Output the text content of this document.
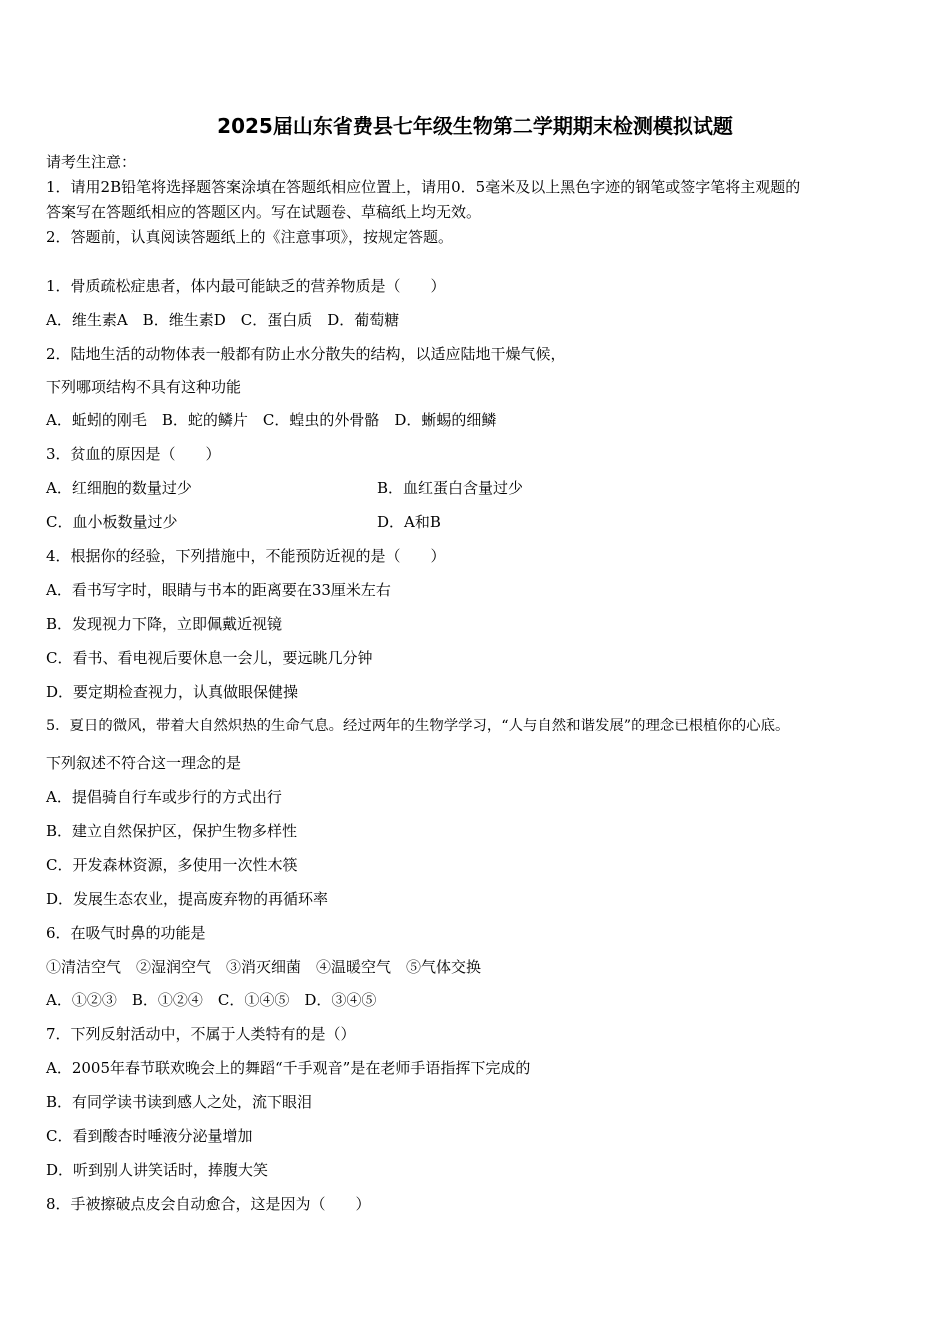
2025届山东省费县七年级生物第二学期期末检测模拟试题
请考生注意：
1．请用2B铅笔将选择题答案涂填在答题纸相应位置上，请用0．5毫米及以上黑色字迹的钢笔或签字笔将主观题的
答案写在答题纸相应的答题区内。写在试题卷、草稿纸上均无效。
2．答题前，认真阅读答题纸上的《注意事项》，按规定答题。
1．骨质疏松症患者，体内最可能缺乏的营养物质是（　　）
A．维生素A　B．维生素D　C．蛋白质　D．葡萄糖
2．陆地生活的动物体表一般都有防止水分散失的结构，以适应陆地干燥气候，
下列哪项结构不具有这种功能
A．蚯蚓的刚毛　B．蛇的鳞片　C．蝗虫的外骨骼　D．蜥蜴的细鳞
3．贫血的原因是（　　）
A．红细胞的数量过少	B．血红蛋白含量过少
C．血小板数量过少	D．A和B
4．根据你的经验，下列措施中，不能预防近视的是（　　）
A．看书写字时，眼睛与书本的距离要在33厘米左右
B．发现视力下降，立即佩戴近视镜
C．看书、看电视后要休息一会儿，要远眺几分钟
D．要定期检查视力，认真做眼保健操
5．夏日的微风，带着大自然炽热的生命气息。经过两年的生物学学习，“人与自然和谐发展”的理念已根植你的心底。
下列叙述不符合这一理念的是
A．提倡骑自行车或步行的方式出行
B．建立自然保护区，保护生物多样性
C．开发森林资源，多使用一次性木筷
D．发展生态农业，提高废弃物的再循环率
6．在吸气时鼻的功能是
①清洁空气　②湿润空气　③消灭细菌　④温暖空气　⑤气体交换
A．①②③　B．①②④　C．①④⑤　D．③④⑤
7．下列反射活动中，不属于人类特有的是（）
A．2005年春节联欢晚会上的舞蹈“千手观音”是在老师手语指挥下完成的
B．有同学读书读到感人之处，流下眼泪
C．看到酸杏时唾液分泌量增加
D．听到别人讲笑话时，捧腹大笑
8．手被擦破点皮会自动愈合，这是因为（　　）
